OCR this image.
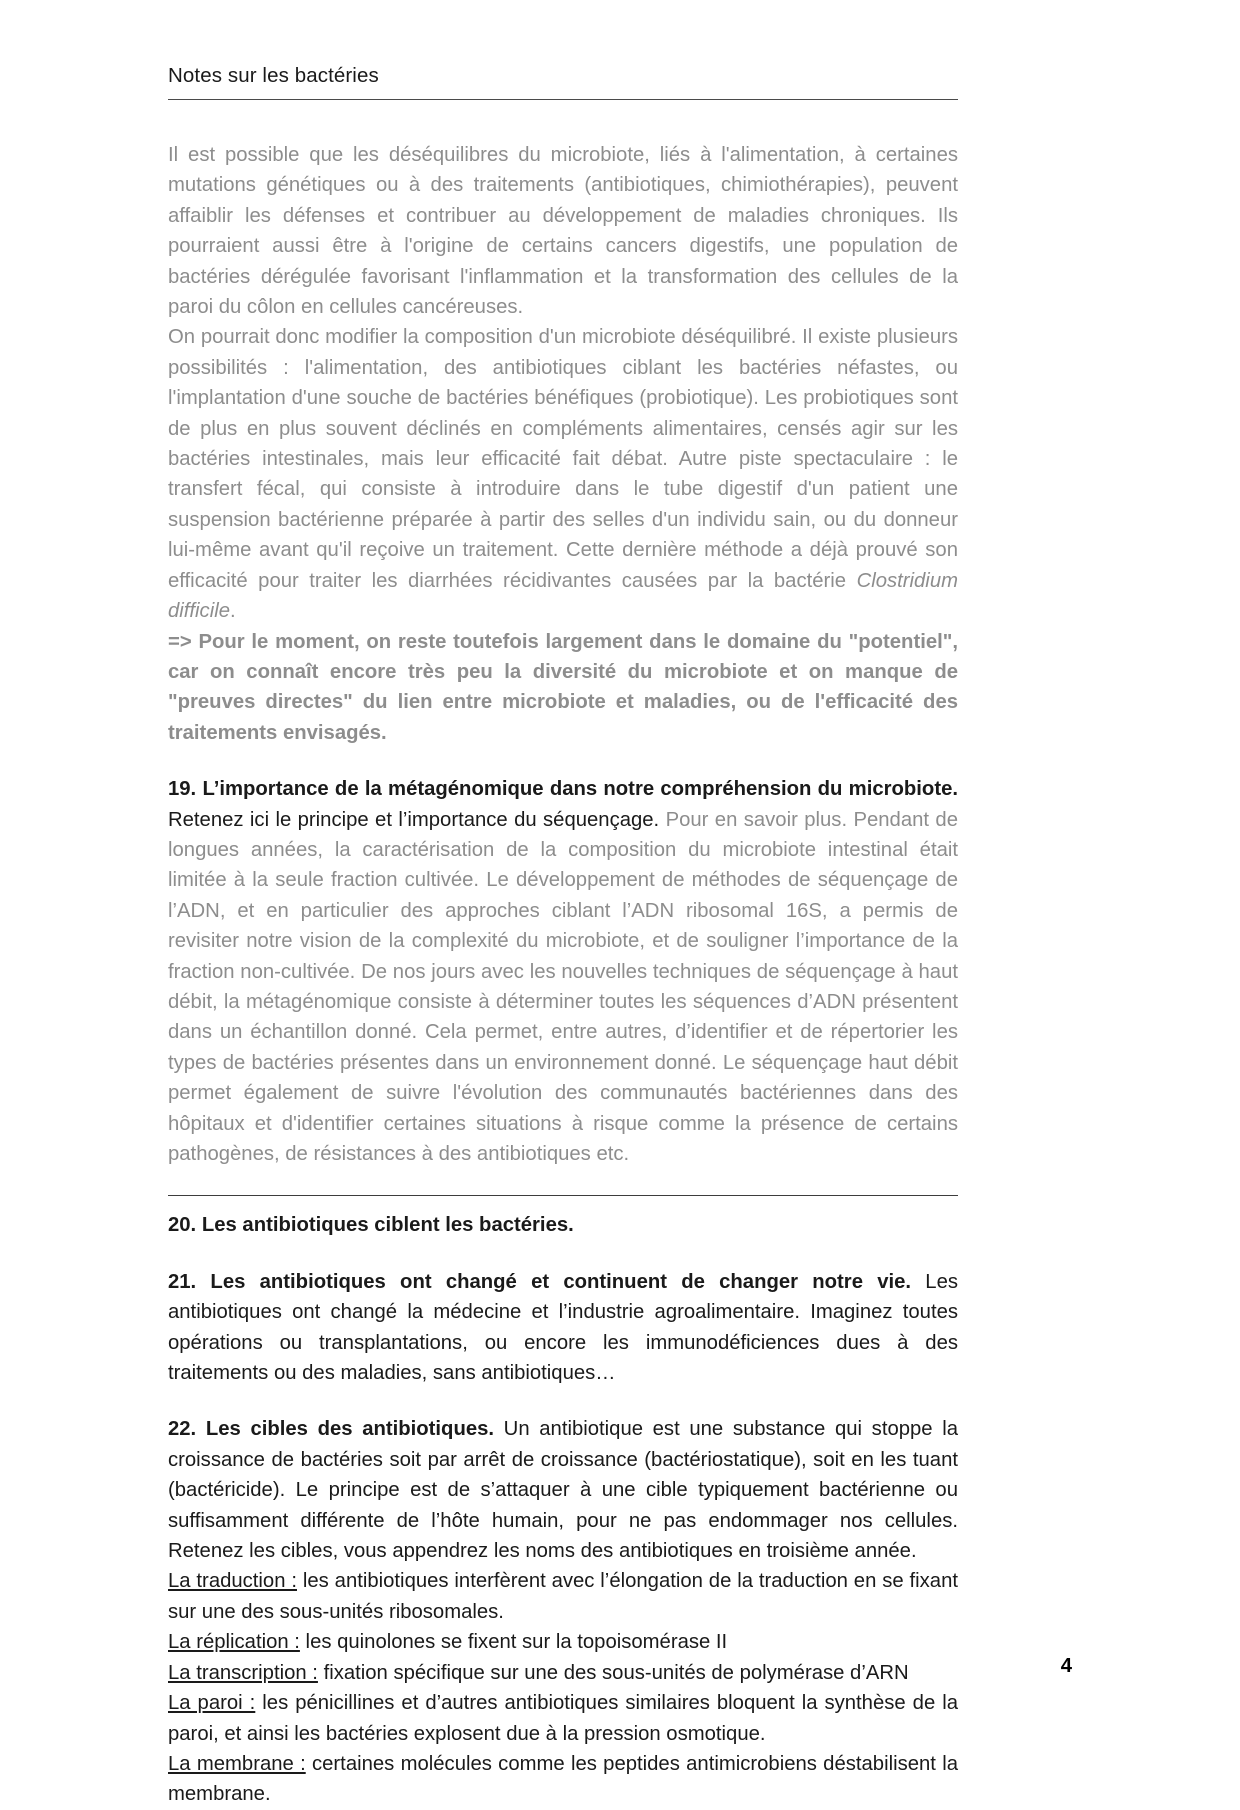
Notes sur les bactéries

Il est possible que les déséquilibres du microbiote, liés à l'alimentation, à certaines mutations génétiques ou à des traitements (antibiotiques, chimiothérapies), peuvent affaiblir les défenses et contribuer au développement de maladies chroniques. Ils pourraient aussi être à l'origine de certains cancers digestifs, une population de bactéries dérégulée favorisant l'inflammation et la transformation des cellules de la paroi du côlon en cellules cancéreuses.

On pourrait donc modifier la composition d'un microbiote déséquilibré. Il existe plusieurs possibilités : l'alimentation, des antibiotiques ciblant les bactéries néfastes, ou l'implantation d'une souche de bactéries bénéfiques (probiotique). Les probiotiques sont de plus en plus souvent déclinés en compléments alimentaires, censés agir sur les bactéries intestinales, mais leur efficacité fait débat. Autre piste spectaculaire : le transfert fécal, qui consiste à introduire dans le tube digestif d'un patient une suspension bactérienne préparée à partir des selles d'un individu sain, ou du donneur lui-même avant qu'il reçoive un traitement. Cette dernière méthode a déjà prouvé son efficacité pour traiter les diarrhées récidivantes causées par la bactérie Clostridium difficile.

=> Pour le moment, on reste toutefois largement dans le domaine du "potentiel", car on connaît encore très peu la diversité du microbiote et on manque de "preuves directes" du lien entre microbiote et maladies, ou de l'efficacité des traitements envisagés.

19. L’importance de la métagénomique dans notre compréhension du microbiote. Retenez ici le principe et l’importance du séquençage. Pour en savoir plus. Pendant de longues années, la caractérisation de la composition du microbiote intestinal était limitée à la seule fraction cultivée. Le développement de méthodes de séquençage de l’ADN, et en particulier des approches ciblant l’ADN ribosomal 16S, a permis de revisiter notre vision de la complexité du microbiote, et de souligner l’importance de la fraction non-cultivée. De nos jours avec les nouvelles techniques de séquençage à haut débit, la métagénomique consiste à déterminer toutes les séquences d’ADN présentent dans un échantillon donné. Cela permet, entre autres, d’identifier et de répertorier les types de bactéries présentes dans un environnement donné. Le séquençage haut débit permet également de suivre l'évolution des communautés bactériennes dans des hôpitaux et d'identifier certaines situations à risque comme la présence de certains pathogènes, de résistances à des antibiotiques etc.

20. Les antibiotiques ciblent les bactéries.

21. Les antibiotiques ont changé et continuent de changer notre vie. Les antibiotiques ont changé la médecine et l’industrie agroalimentaire. Imaginez toutes opérations ou transplantations, ou encore les immunodéficiences dues à des traitements ou des maladies, sans antibiotiques…

22. Les cibles des antibiotiques. Un antibiotique est une substance qui stoppe la croissance de bactéries soit par arrêt de croissance (bactériostatique), soit en les tuant (bactéricide). Le principe est de s’attaquer à une cible typiquement bactérienne ou suffisamment différente de l’hôte humain, pour ne pas endommager nos cellules. Retenez les cibles, vous appendrez les noms des antibiotiques en troisième année.

La traduction : les antibiotiques interfèrent avec l’élongation de la traduction en se fixant sur une des sous-unités ribosomales.

La réplication : les quinolones se fixent sur la topoisomérase II

La transcription : fixation spécifique sur une des sous-unités de polymérase d’ARN

La paroi : les pénicillines et d’autres antibiotiques similaires bloquent la synthèse de la paroi, et ainsi les bactéries explosent due à la pression osmotique.

La membrane : certaines molécules comme les peptides antimicrobiens déstabilisent la membrane.

4
